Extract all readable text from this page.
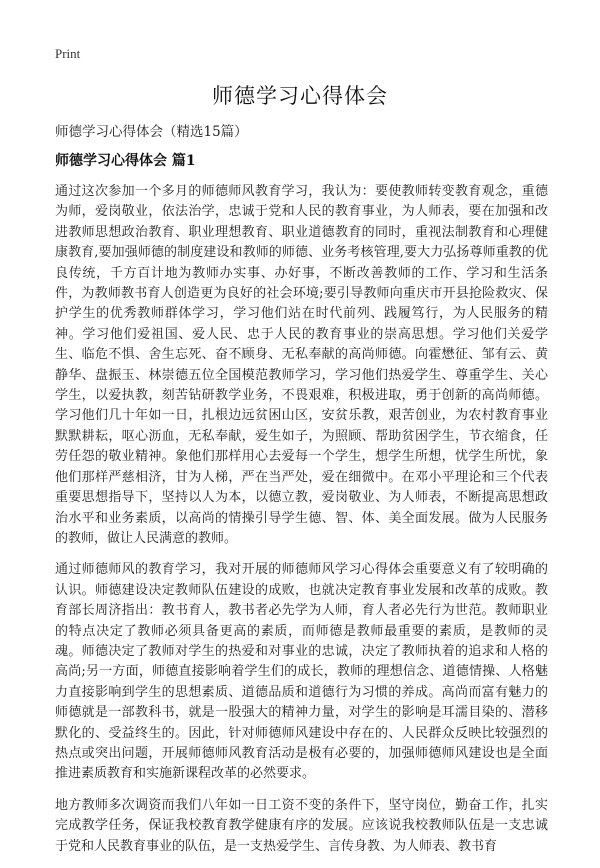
Print
师德学习心得体会
师德学习心得体会（精选15篇）
师德学习心得体会 篇1

通过这次参加一个多月的师德师风教育学习，我认为：要使教师转变教育观念，重德为师，爱岗敬业，依法治学，忠诚于党和人民的教育事业，为人师表，要在加强和改进教师思想政治教育、职业理想教育、职业道德教育的同时，重视法制教育和心理健康教育,要加强师德的制度建设和教师的师德、业务考核管理,要大力弘扬尊师重教的优良传统，千方百计地为教师办实事、办好事，不断改善教师的工作、学习和生活条件，为教师教书育人创造更为良好的社会环境;要引导教师向重庆市开县抢险救灾、保护学生的优秀教师群体学习，学习他们站在时代前列、践履笃行，为人民服务的精神。学习他们爱祖国、爱人民、忠于人民的教育事业的崇高思想。学习他们关爱学生、临危不惧、舍生忘死、奋不顾身、无私奉献的高尚师德。向霍懋征、邹有云、黄静华、盘振玉、林崇德五位全国模范教师学习，学习他们热爱学生、尊重学生、关心学生，以爱执教，刻苦钻研教学业务，不畏艰难，积极进取，勇于创新的高尚师德。学习他们几十年如一日，扎根边远贫困山区，安贫乐教，艰苦创业，为农村教育事业默默耕耘，呕心沥血，无私奉献，爱生如子，为照顾、帮助贫困学生，节衣缩食，任劳任怨的敬业精神。象他们那样用心去爱每一个学生，想学生所想，忧学生所忧，象他们那样严慈相济，甘为人梯，严在当严处，爱在细微中。在邓小平理论和三个代表重要思想指导下，坚持以人为本，以德立教，爱岗敬业、为人师表，不断提高思想政治水平和业务素质，以高尚的情操引导学生德、智、体、美全面发展。做为人民服务的教师，做让人民满意的教师。

通过师德师风的教育学习，我对开展的师德师风学习心得体会重要意义有了较明确的认识。师德建设决定教师队伍建设的成败，也就决定教育事业发展和改革的成败。教育部长周济指出：教书育人，教书者必先学为人师，育人者必先行为世范。教师职业的特点决定了教师必须具备更高的素质，而师德是教师最重要的素质，是教师的灵魂。师德决定了教师对学生的热爱和对事业的忠诚，决定了教师执着的追求和人格的高尚;另一方面，师德直接影响着学生们的成长，教师的理想信念、道德情操、人格魅力直接影响到学生的思想素质、道德品质和道德行为习惯的养成。高尚而富有魅力的师德就是一部教科书，就是一股强大的精神力量，对学生的影响是耳濡目染的、潜移默化的、受益终生的。因此，针对师德师风建设中存在的、人民群众反映比较强烈的热点或突出问题，开展师德师风教育活动是极有必要的，加强师德师风建设也是全面推进素质教育和实施新课程改革的必然要求。

地方教师多次调资而我们八年如一日工资不变的条件下，坚守岗位，勤奋工作，扎实完成教学任务，保证我校教育教学健康有序的发展。应该说我校教师队伍是一支忠诚于党和人民教育事业的队伍，是一支热爱学生、言传身教、为人师表、教书育
